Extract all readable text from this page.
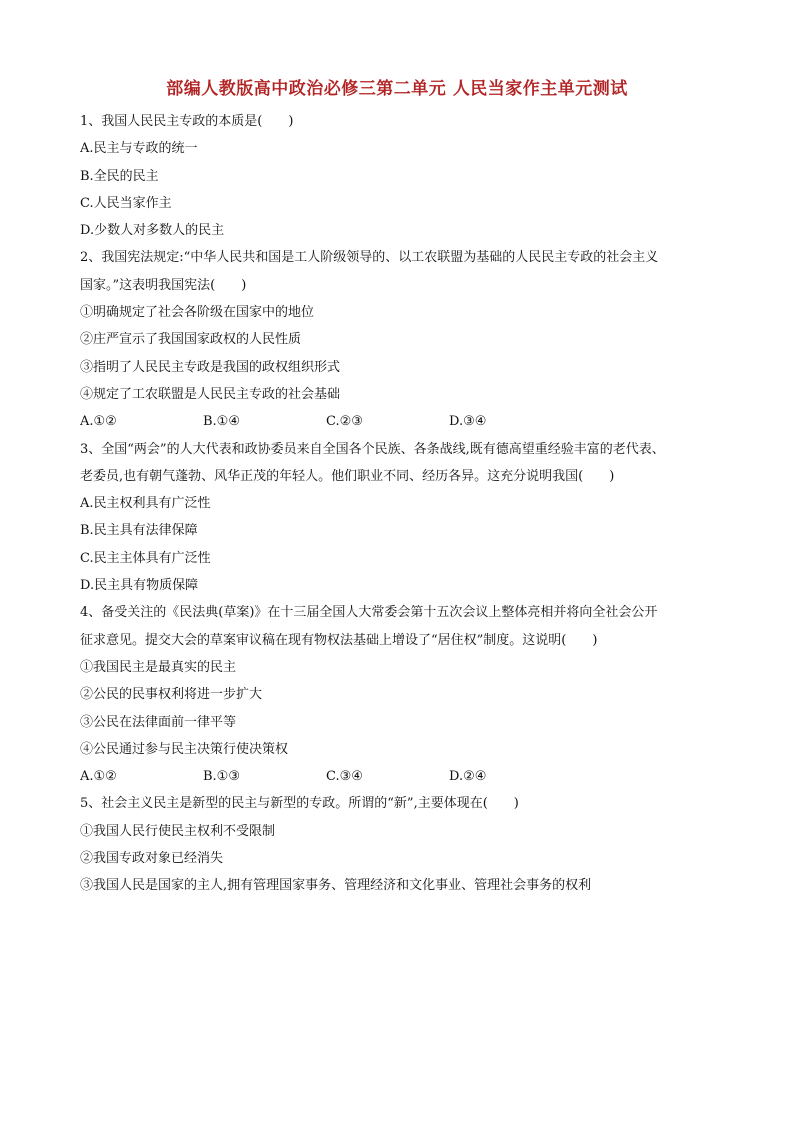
部编人教版高中政治必修三第二单元 人民当家作主单元测试
1、我国人民民主专政的本质是(　　)
A.民主与专政的统一
B.全民的民主
C.人民当家作主
D.少数人对多数人的民主
2、我国宪法规定:“中华人民共和国是工人阶级领导的、以工农联盟为基础的人民民主专政的社会主义
国家。”这表明我国宪法(　　)
①明确规定了社会各阶级在国家中的地位
②庄严宣示了我国国家政权的人民性质
③指明了人民民主专政是我国的政权组织形式
④规定了工农联盟是人民民主专政的社会基础
A.①②	B.①④	C.②③	D.③④
3、全国“两会”的人大代表和政协委员来自全国各个民族、各条战线,既有德高望重经验丰富的老代表、
老委员,也有朝气蓬勃、风华正茂的年轻人。他们职业不同、经历各异。这充分说明我国(　　)
A.民主权利具有广泛性
B.民主具有法律保障
C.民主主体具有广泛性
D.民主具有物质保障
4、备受关注的《民法典(草案)》在十三届全国人大常委会第十五次会议上整体亮相并将向全社会公开
征求意见。提交大会的草案审议稿在现有物权法基础上增设了“居住权”制度。这说明(　　)
①我国民主是最真实的民主
②公民的民事权利将进一步扩大
③公民在法律面前一律平等
④公民通过参与民主决策行使决策权
A.①②	B.①③	C.③④	D.②④
5、社会主义民主是新型的民主与新型的专政。所谓的“新”,主要体现在(　　)
①我国人民行使民主权利不受限制
②我国专政对象已经消失
③我国人民是国家的主人,拥有管理国家事务、管理经济和文化事业、管理社会事务的权利
